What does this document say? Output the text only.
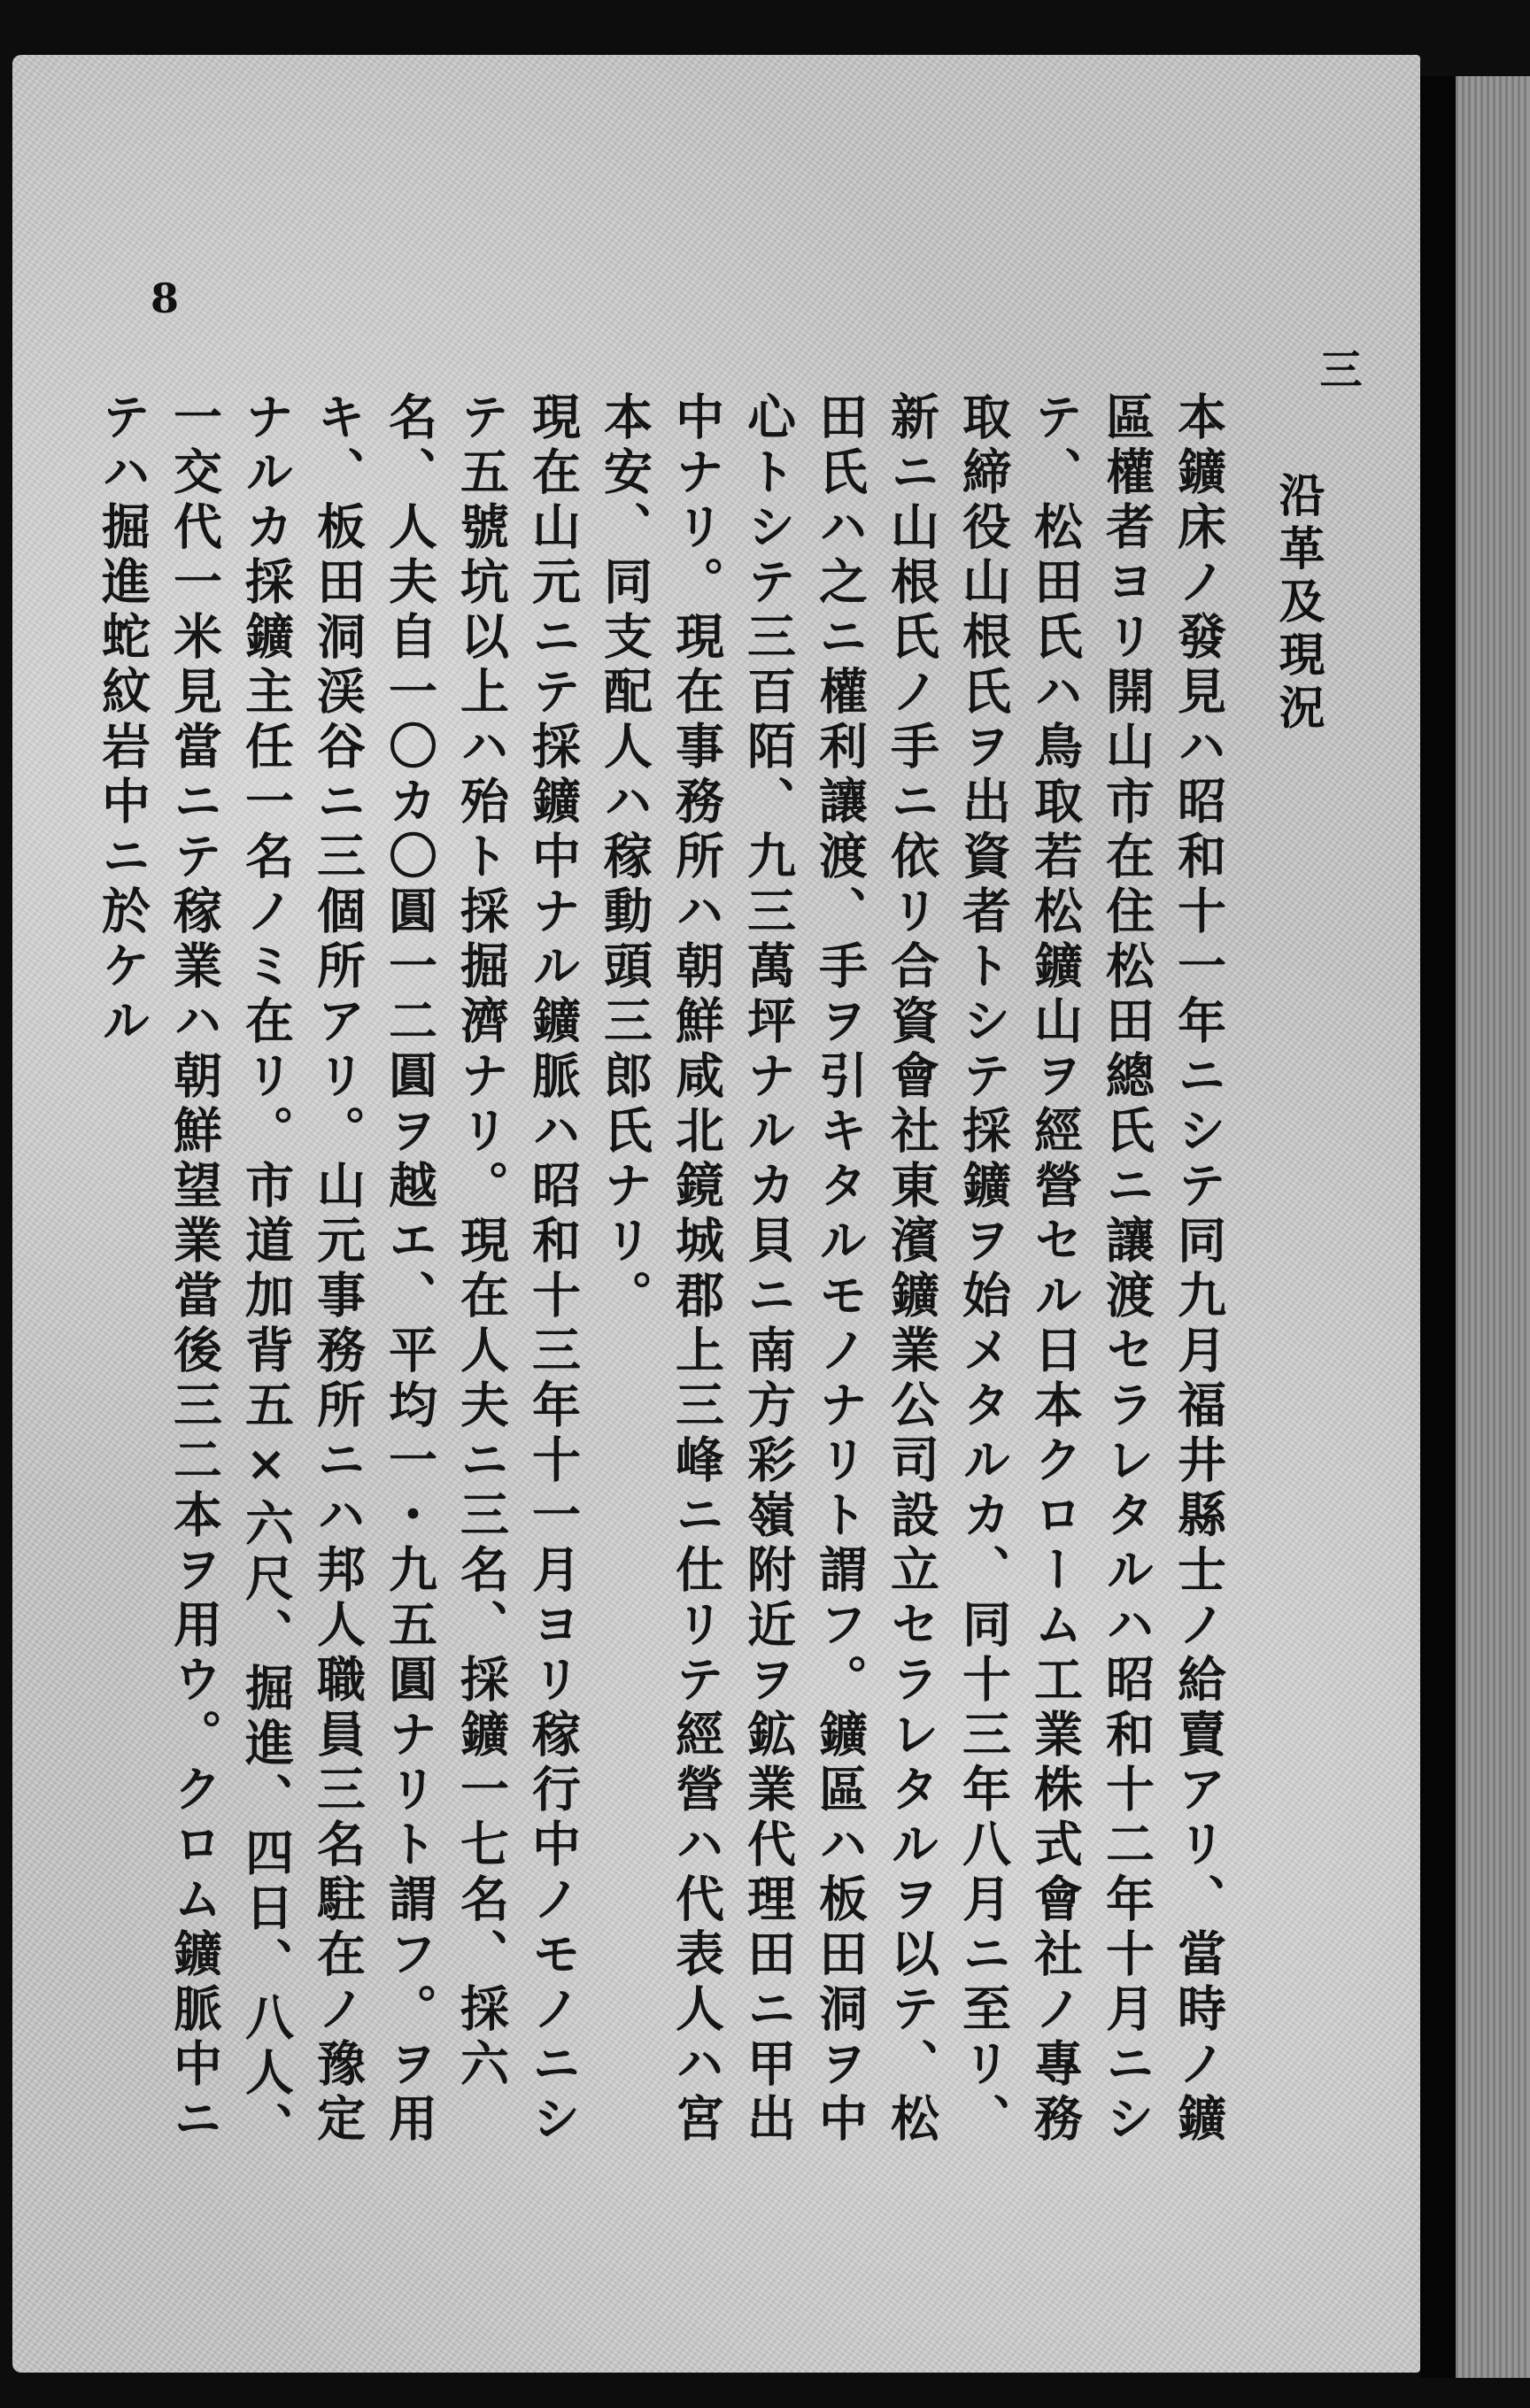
8
三
沿革及現況

本鑛床ノ發見ハ昭和十一年ニシテ同九月福井縣士ノ給賣アリ、當時ノ鑛區權者ヨリ開山市在住松田總氏ニ讓渡セラレタルハ昭和十二年十月ニシテ、松田氏ハ鳥取若松鑛山ヲ經營セル日本クローム工業株式會社ノ專務取締役山根氏ヲ出資者トシテ採鑛ヲ始メタルカ、同十三年八月ニ至リ、新ニ山根氏ノ手ニ依リ合資會社東濱鑛業公司設立セラレタルヲ以テ、松田氏ハ之ニ權利讓渡、手ヲ引キタルモノナリト謂フ。鑛區ハ板田洞ヲ中心トシテ三百陌、九三萬坪ナルカ貝ニ南方彩嶺附近ヲ鉱業代理田ニ甲出中ナリ。現在事務所ハ朝鮮咸北鏡城郡上三峰ニ仕リテ經營ハ代表人ハ宮本安、同支配人ハ稼動頭三郎氏ナリ。

現在山元ニテ採鑛中ナル鑛脈ハ昭和十三年十一月ヨリ稼行中ノモノニシテ五號坑以上ハ殆ト採掘濟ナリ。現在人夫ニ三名、採鑛一七名、採六名、人夫自一〇カ〇圓一二圓ヲ越エ、平均一・九五圓ナリト謂フ。ヲ用キ、板田洞渓谷ニ三個所アリ。山元事務所ニハ邦人職員三名駐在ノ豫定ナルカ採鑛主任一名ノミ在リ。市道加背五×六尺、掘進、四日、八人、一交代一米見當ニテ稼業ハ朝鮮望業當後三二本ヲ用ウ。クロム鑛脈中ニテハ掘進蛇紋岩中ニ於ケル
